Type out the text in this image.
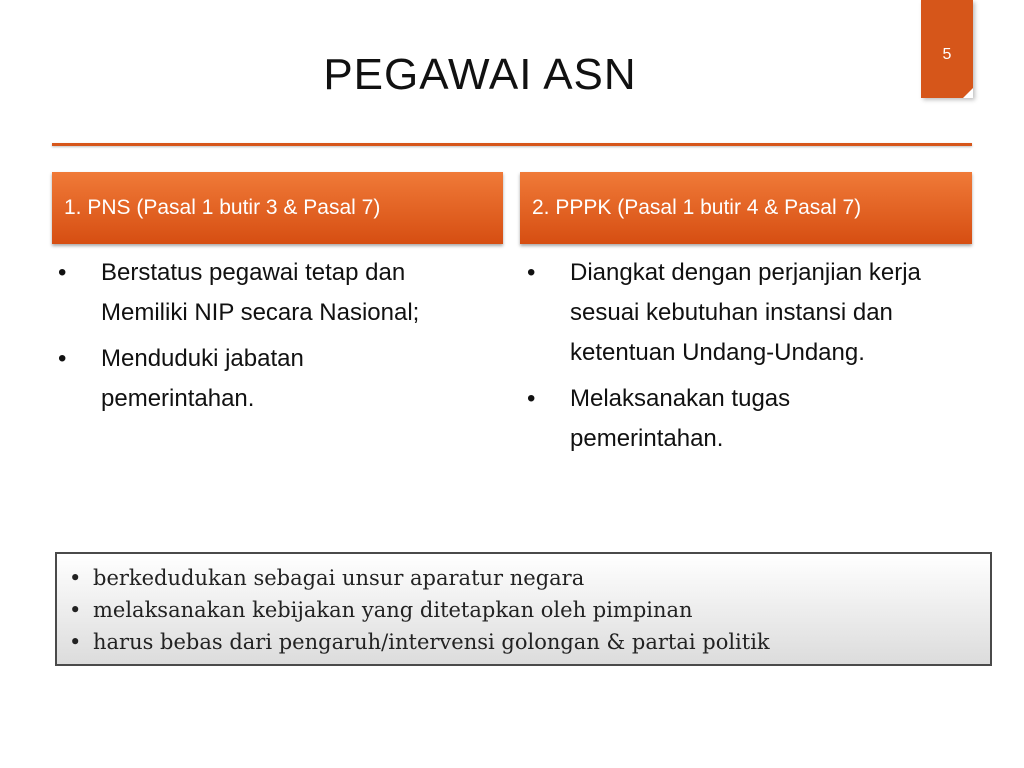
PEGAWAI ASN	5
1. PNS (Pasal 1 butir 3 & Pasal 7)	2. PPPK (Pasal 1 butir 4 & Pasal 7)
• Berstatus pegawai tetap dan Memiliki NIP secara Nasional;
• Menduduki jabatan pemerintahan.
• Diangkat dengan perjanjian kerja sesuai kebutuhan instansi dan ketentuan Undang-Undang.
• Melaksanakan tugas pemerintahan.
• berkedudukan sebagai unsur aparatur negara
• melaksanakan kebijakan yang ditetapkan oleh pimpinan
• harus bebas dari pengaruh/intervensi golongan & partai politik
